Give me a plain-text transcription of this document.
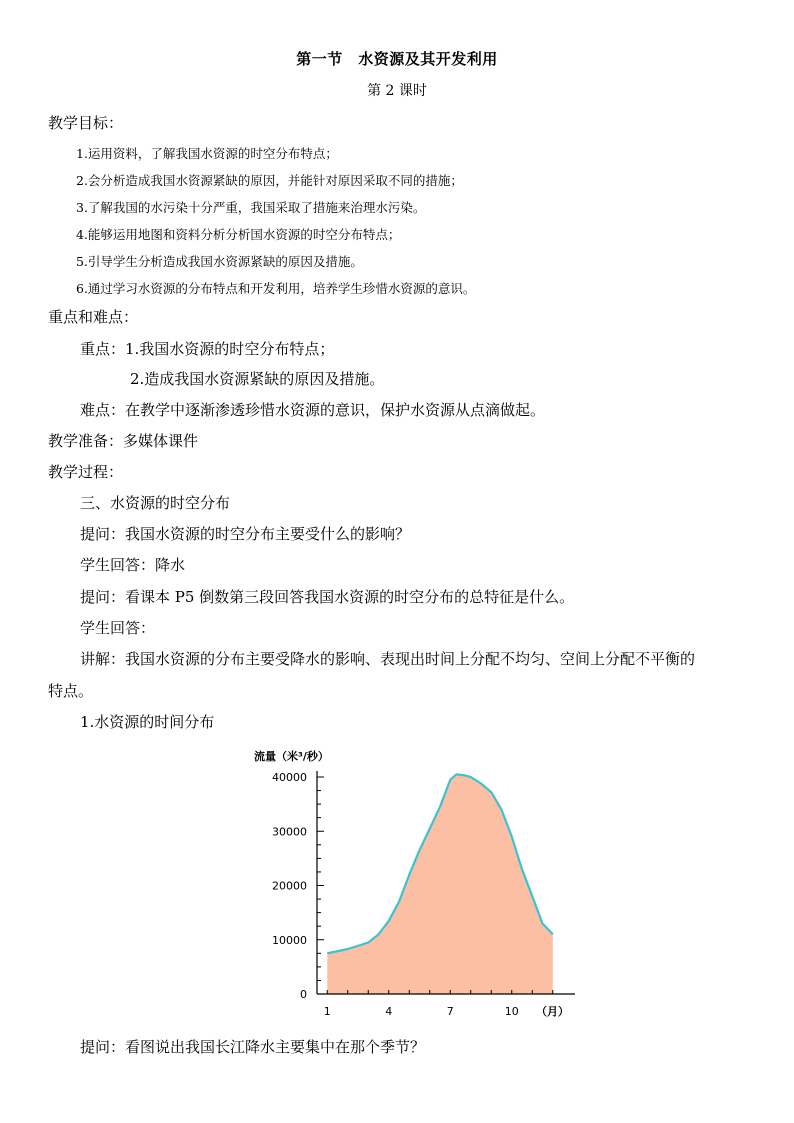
第一节　水资源及其开发利用
第 2 课时
教学目标：
1.运用资料，了解我国水资源的时空分布特点；
2.会分析造成我国水资源紧缺的原因，并能针对原因采取不同的措施；
3.了解我国的水污染十分严重，我国采取了措施来治理水污染。
4.能够运用地图和资料分析分析国水资源的时空分布特点；
5.引导学生分析造成我国水资源紧缺的原因及措施。
6.通过学习水资源的分布特点和开发利用，培养学生珍惜水资源的意识。
重点和难点：
重点：1.我国水资源的时空分布特点；
2.造成我国水资源紧缺的原因及措施。
难点：在教学中逐渐渗透珍惜水资源的意识，保护水资源从点滴做起。
教学准备：多媒体课件
教学过程：
三、水资源的时空分布
提问：我国水资源的时空分布主要受什么的影响？
学生回答：降水
提问：看课本 P5 倒数第三段回答我国水资源的时空分布的总特征是什么。
学生回答：
讲解：我国水资源的分布主要受降水的影响、表现出时间上分配不均匀、空间上分配不平衡的
特点。
1.水资源的时间分布
流量（米³/秒）
0
10000
20000
30000
40000
1	4	7	10 （月）
提问：看图说出我国长江降水主要集中在那个季节？
